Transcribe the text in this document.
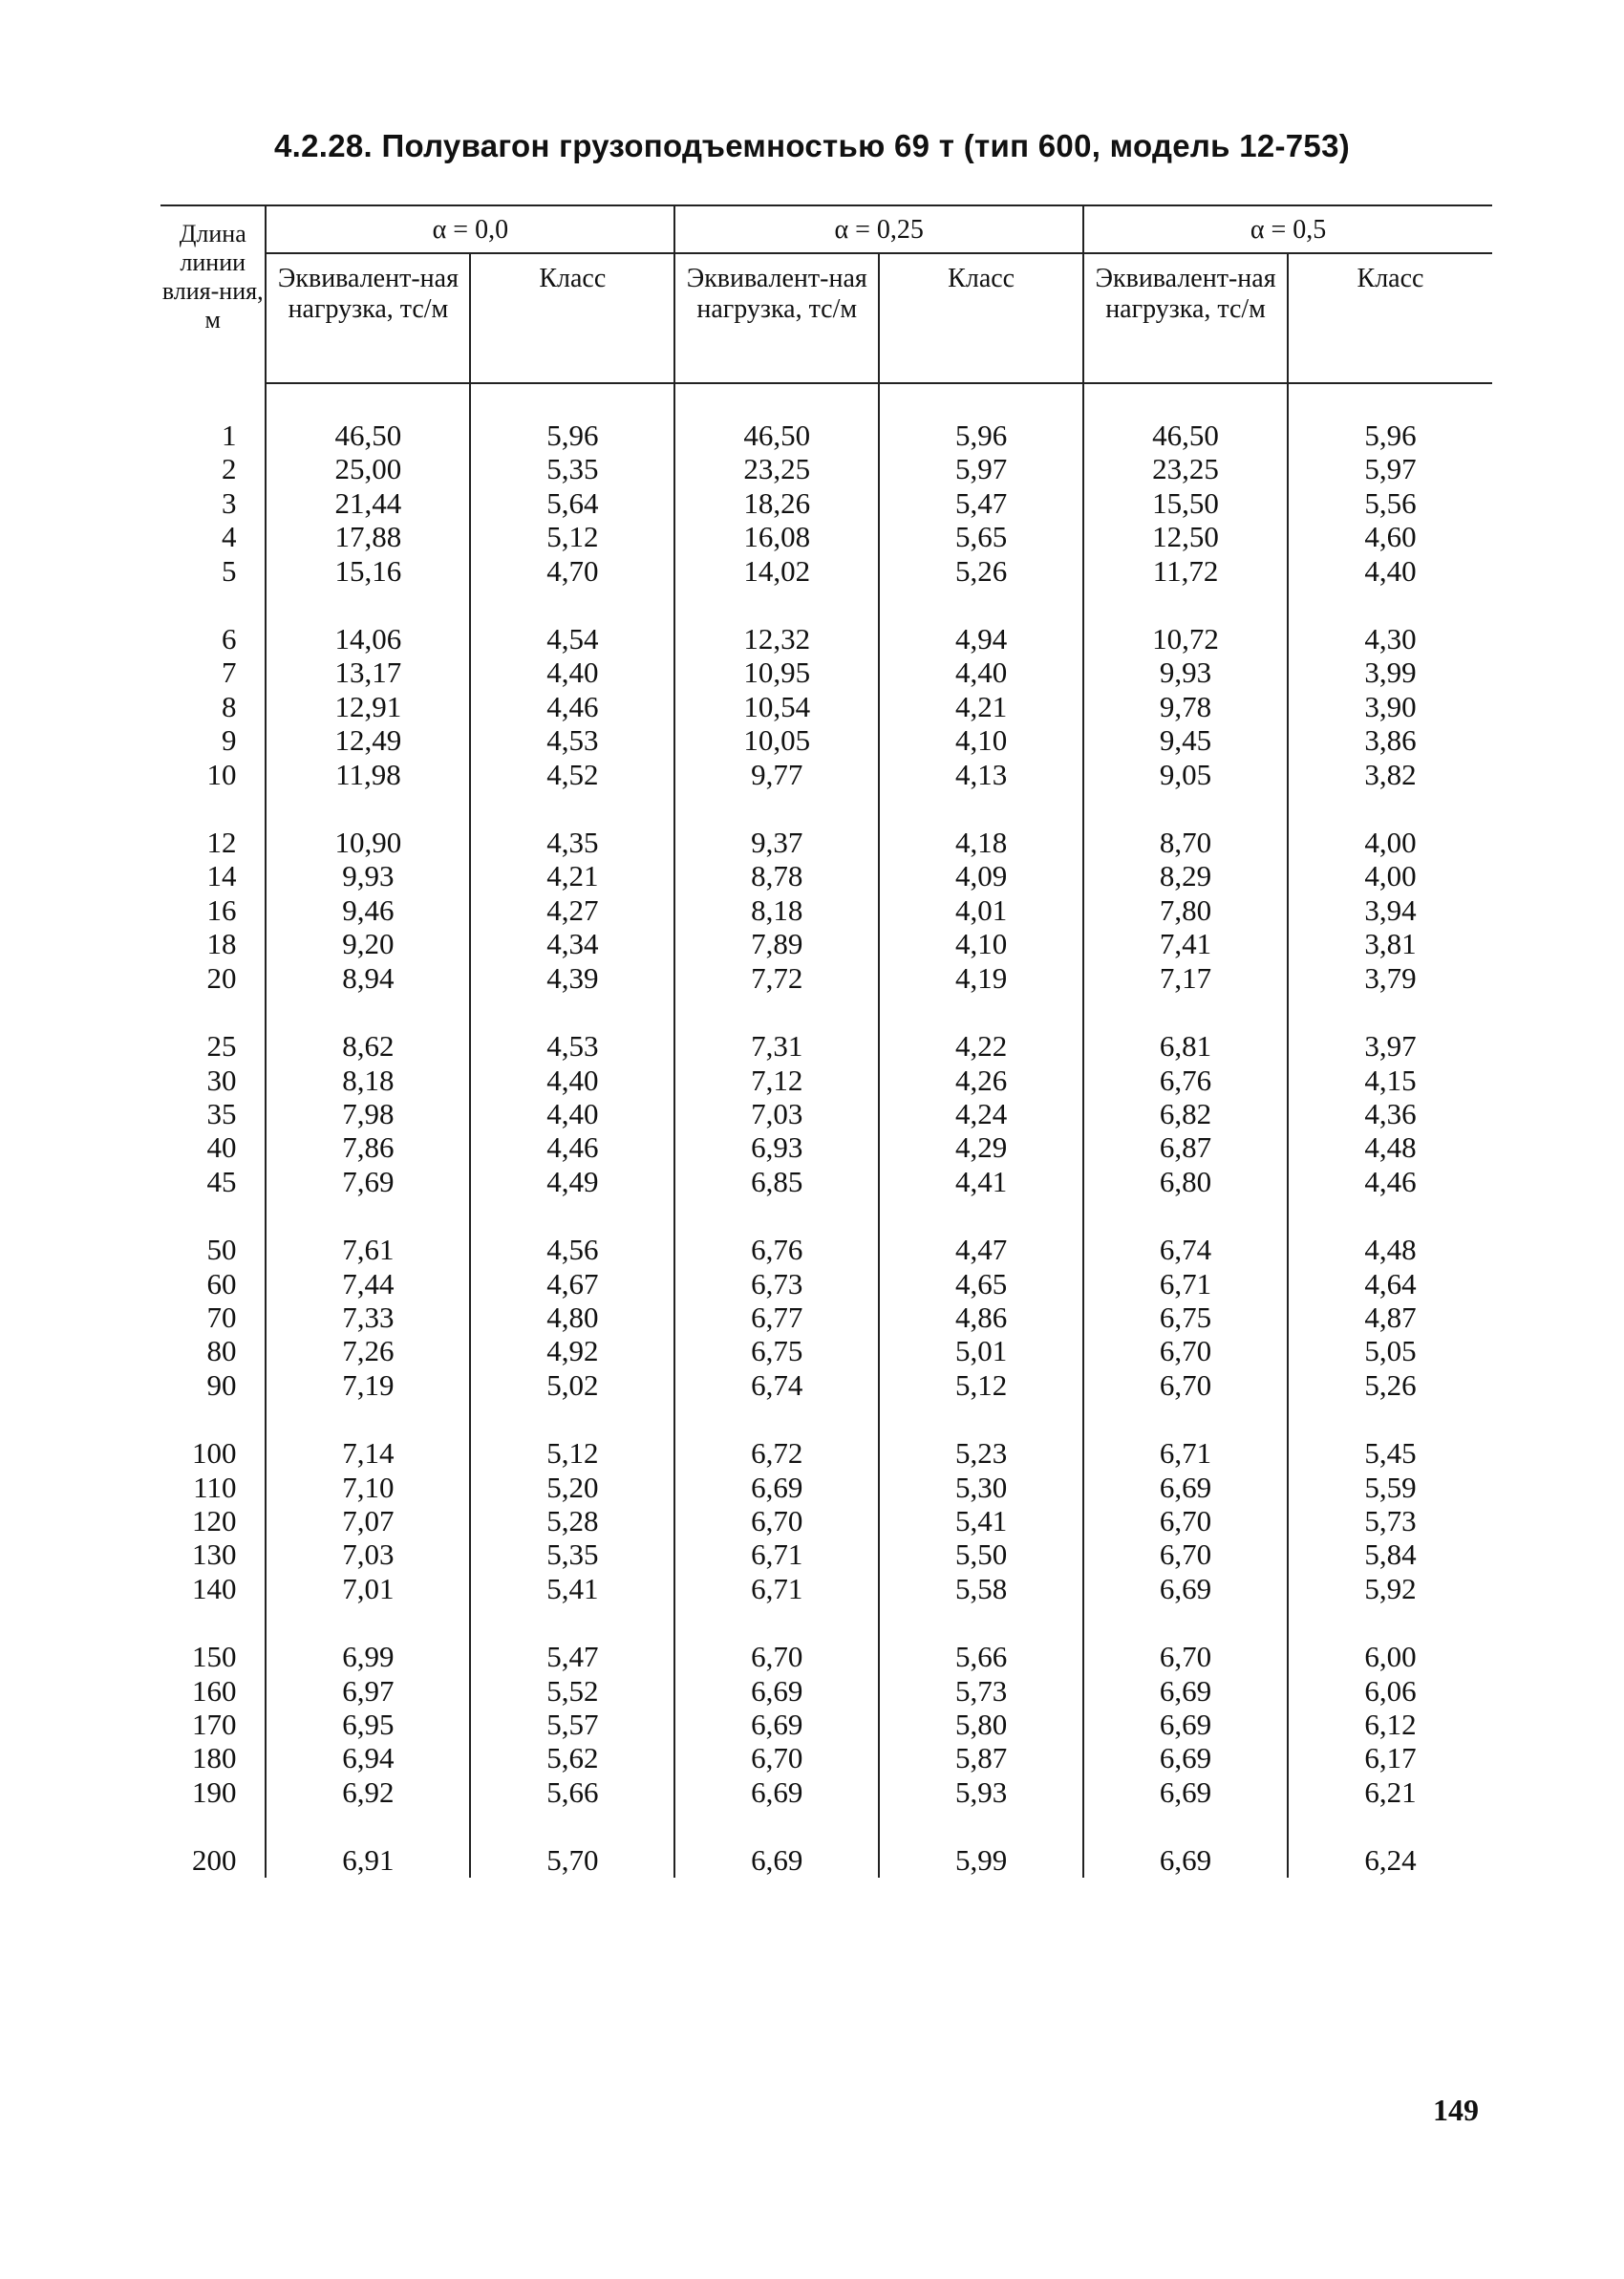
4.2.28. Полувагон грузоподъемностью 69 т (тип 600, модель 12-753)
Длина линии влия-ния, м	α = 0,0		α = 0,25		α = 0,5	
	Эквивалент-ная нагрузка, тс/м	Класс	Эквивалент-ная нагрузка, тс/м	Класс	Эквивалент-ная нагрузка, тс/м	Класс

1	46,50	5,96	46,50	5,96	46,50	5,96
2	25,00	5,35	23,25	5,97	23,25	5,97
3	21,44	5,64	18,26	5,47	15,50	5,56
4	17,88	5,12	16,08	5,65	12,50	4,60
5	15,16	4,70	14,02	5,26	11,72	4,40

6	14,06	4,54	12,32	4,94	10,72	4,30
7	13,17	4,40	10,95	4,40	9,93	3,99
8	12,91	4,46	10,54	4,21	9,78	3,90
9	12,49	4,53	10,05	4,10	9,45	3,86
10	11,98	4,52	9,77	4,13	9,05	3,82

12	10,90	4,35	9,37	4,18	8,70	4,00
14	9,93	4,21	8,78	4,09	8,29	4,00
16	9,46	4,27	8,18	4,01	7,80	3,94
18	9,20	4,34	7,89	4,10	7,41	3,81
20	8,94	4,39	7,72	4,19	7,17	3,79

25	8,62	4,53	7,31	4,22	6,81	3,97
30	8,18	4,40	7,12	4,26	6,76	4,15
35	7,98	4,40	7,03	4,24	6,82	4,36
40	7,86	4,46	6,93	4,29	6,87	4,48
45	7,69	4,49	6,85	4,41	6,80	4,46

50	7,61	4,56	6,76	4,47	6,74	4,48
60	7,44	4,67	6,73	4,65	6,71	4,64
70	7,33	4,80	6,77	4,86	6,75	4,87
80	7,26	4,92	6,75	5,01	6,70	5,05
90	7,19	5,02	6,74	5,12	6,70	5,26

100	7,14	5,12	6,72	5,23	6,71	5,45
110	7,10	5,20	6,69	5,30	6,69	5,59
120	7,07	5,28	6,70	5,41	6,70	5,73
130	7,03	5,35	6,71	5,50	6,70	5,84
140	7,01	5,41	6,71	5,58	6,69	5,92

150	6,99	5,47	6,70	5,66	6,70	6,00
160	6,97	5,52	6,69	5,73	6,69	6,06
170	6,95	5,57	6,69	5,80	6,69	6,12
180	6,94	5,62	6,70	5,87	6,69	6,17
190	6,92	5,66	6,69	5,93	6,69	6,21

200	6,91	5,70	6,69	5,99	6,69	6,24
149
